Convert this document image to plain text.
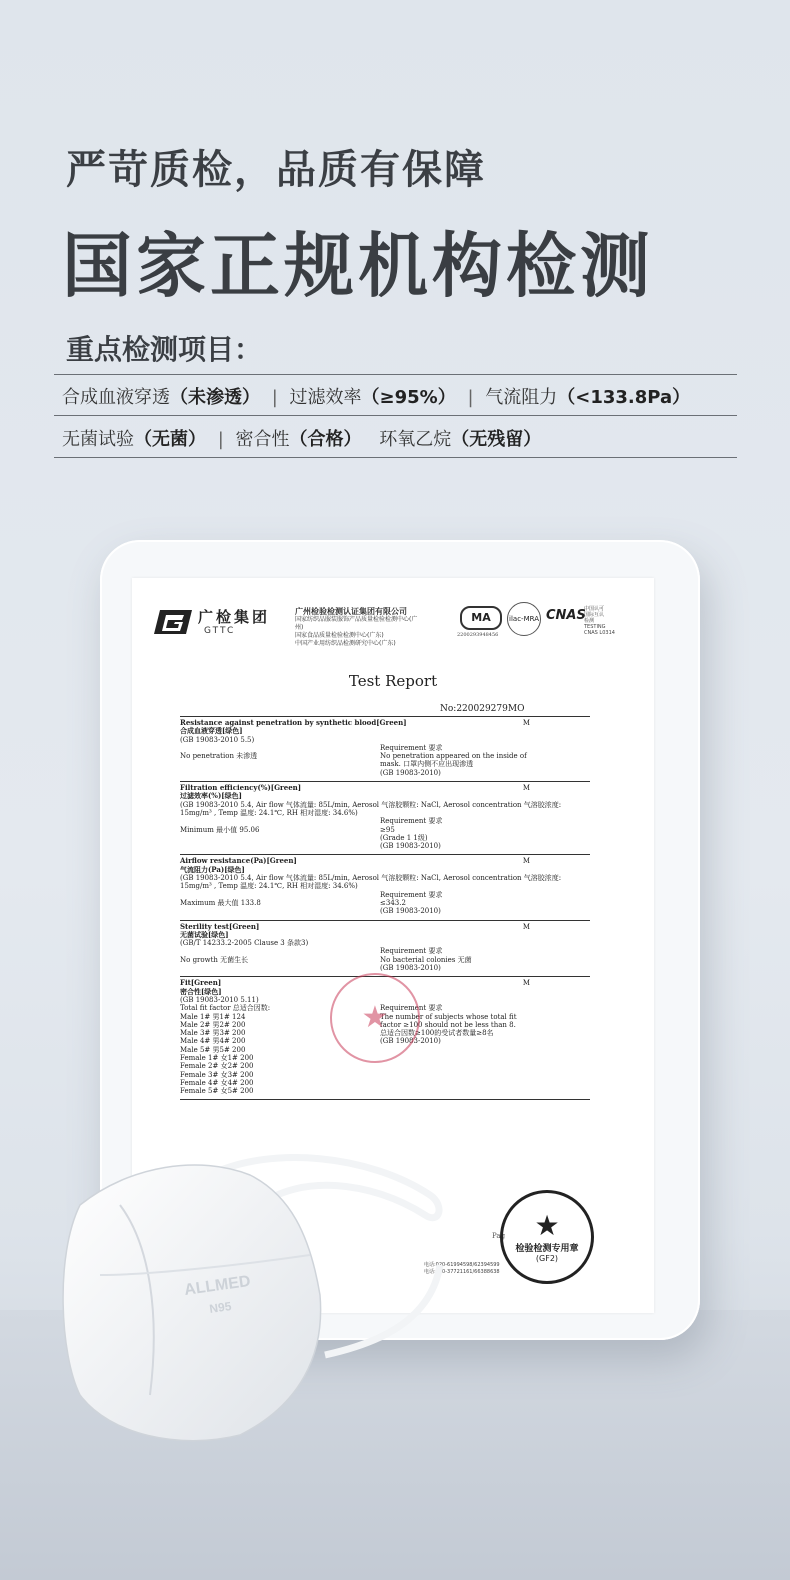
严苛质检，品质有保障
国家正规机构检测
重点检测项目：
合成血液穿透（未渗透） | 过滤效率（≥95%） | 气流阻力（<133.8Pa）
无菌试验（无菌） | 密合性（合格） 环氧乙烷（无残留）
广检集团
GTTC
广州检验检测认证集团有限公司
国家纺织品服装服饰产品质量检验检测中心(广州)
国家食品质量检验检测中心(广东)
中国产业用纺织品检测研究中心(广东)
MA
2200293948456
ilac-MRA CNAS
中国认可
国际互认
检测
TESTING
CNAS L0314
Test Report
No:220029279MO
Resistance against penetration by synthetic blood[Green]
合成血液穿透[绿色]
M
(GB 19083-2010 5.5)

No penetration 未渗透
Requirement 要求
No penetration appeared on the inside of
mask. 口罩内侧不应出现渗透
(GB 19083-2010)
Filtration efficiency(%)[Green]
过滤效率(%)[绿色]
M
(GB 19083-2010 5.4, Air flow 气体流量: 85L/min, Aerosol 气溶胶颗粒: NaCl, Aerosol concentration 气溶胶浓度: 15mg/m³ , Temp 温度: 24.1℃, RH 相对湿度: 34.6%)

Minimum 最小值 95.06
Requirement 要求
≥95
(Grade 1 1级)
(GB 19083-2010)
Airflow resistance(Pa)[Green]
气流阻力(Pa)[绿色]
M
(GB 19083-2010 5.4, Air flow 气体流量: 85L/min, Aerosol 气溶胶颗粒: NaCl, Aerosol concentration 气溶胶浓度: 15mg/m³ , Temp 温度: 24.1℃, RH 相对湿度: 34.6%)

Maximum 最大值 133.8
Requirement 要求
≤343.2
(GB 19083-2010)
Sterility test[Green]
无菌试验[绿色]
M
(GB/T 14233.2-2005 Clause 3 条款3)

No growth 无菌生长
Requirement 要求
No bacterial colonies 无菌
(GB 19083-2010)
Fit[Green]
密合性[绿色]
M
(GB 19083-2010 5.11)
Total fit factor 总适合因数:
Male 1# 男1# 124
Male 2# 男2# 200
Male 3# 男3# 200
Male 4# 男4# 200
Male 5# 男5# 200
Female 1# 女1# 200
Female 2# 女2# 200
Female 3# 女3# 200
Female 4# 女4# 200
Female 5# 女5# 200
Requirement 要求
The number of subjects whose total fit
factor ≥100 should not be less than 8.
总适合因数≥100的受试者数量≥8名
(GB 19083-2010)
★
Pag
电话:020-61994598/62394599
电话:020-37721161/66388638
★
检验检测专用章
(GF2)
ALLMED
N95
